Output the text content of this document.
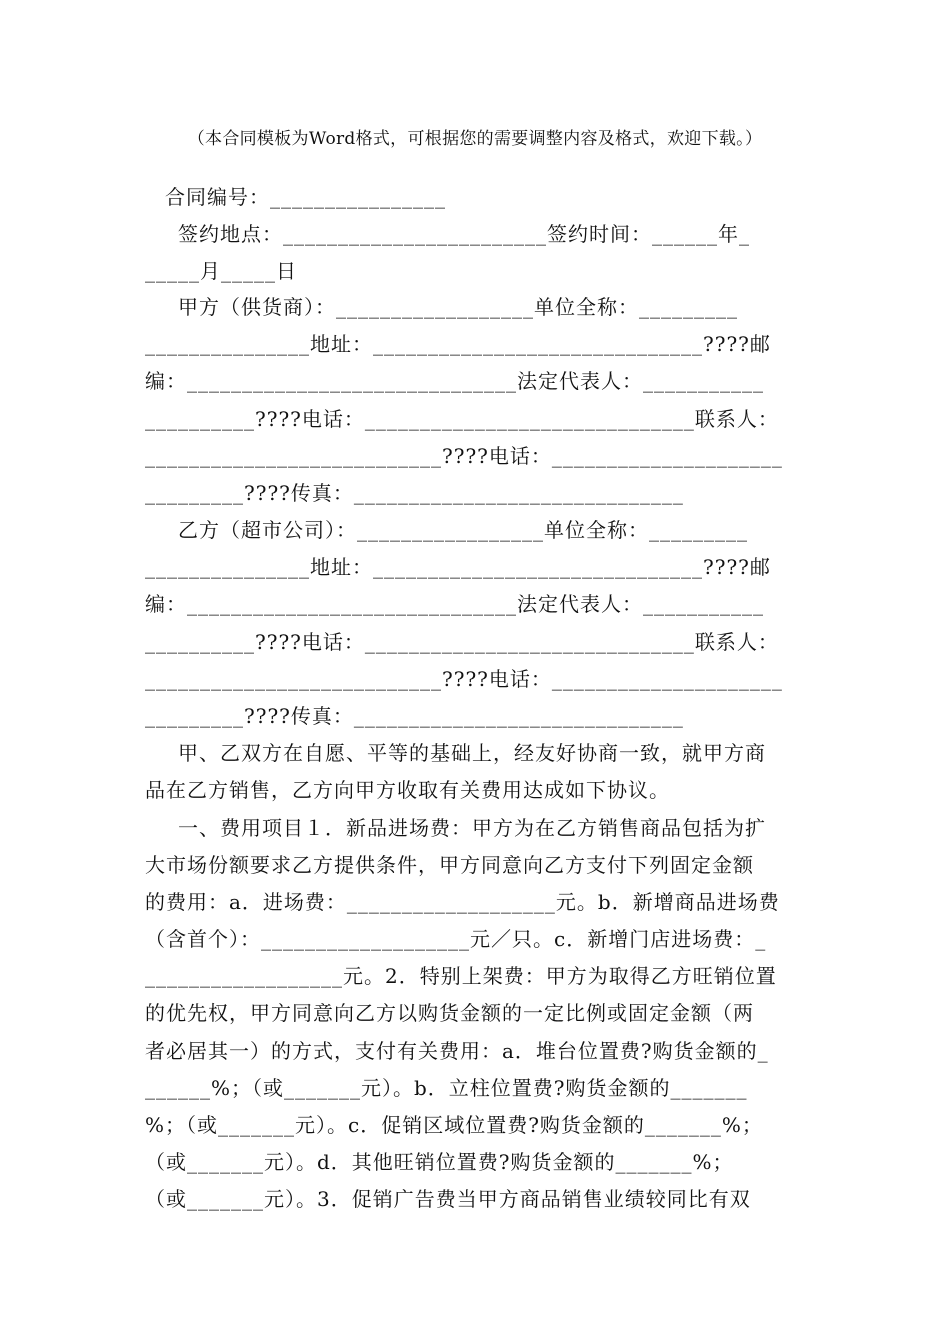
（本合同模板为Word格式，可根据您的需要调整内容及格式，欢迎下载。）
合同编号：________________
签约地点：________________________签约时间：______年_
_____月_____日
甲方（供货商）：__________________单位全称：_________
_______________地址：______________________________????邮
编：______________________________法定代表人：___________
__________????电话：______________________________联系人：
___________________________????电话：_____________________
_________????传真：______________________________
乙方（超市公司）：_________________单位全称：_________
_______________地址：______________________________????邮
编：______________________________法定代表人：___________
__________????电话：______________________________联系人：
___________________________????电话：_____________________
_________????传真：______________________________
甲、乙双方在自愿、平等的基础上，经友好协商一致，就甲方商
品在乙方销售，乙方向甲方收取有关费用达成如下协议。
一、费用项目１．新品进场费：甲方为在乙方销售商品包括为扩
大市场份额要求乙方提供条件，甲方同意向乙方支付下列固定金额
的费用：a．进场费：___________________元。b．新增商品进场费
（含首个）：___________________元／只。c．新增门店进场费：_
__________________元。2．特别上架费：甲方为取得乙方旺销位置
的优先权，甲方同意向乙方以购货金额的一定比例或固定金额（两
者必居其一）的方式，支付有关费用：a．堆台位置费?购货金额的_
______%；（或_______元）。b．立柱位置费?购货金额的_______
%；（或_______元）。c．促销区域位置费?购货金额的_______%；
（或_______元）。d．其他旺销位置费?购货金额的_______%；
（或_______元）。3．促销广告费当甲方商品销售业绩较同比有双
